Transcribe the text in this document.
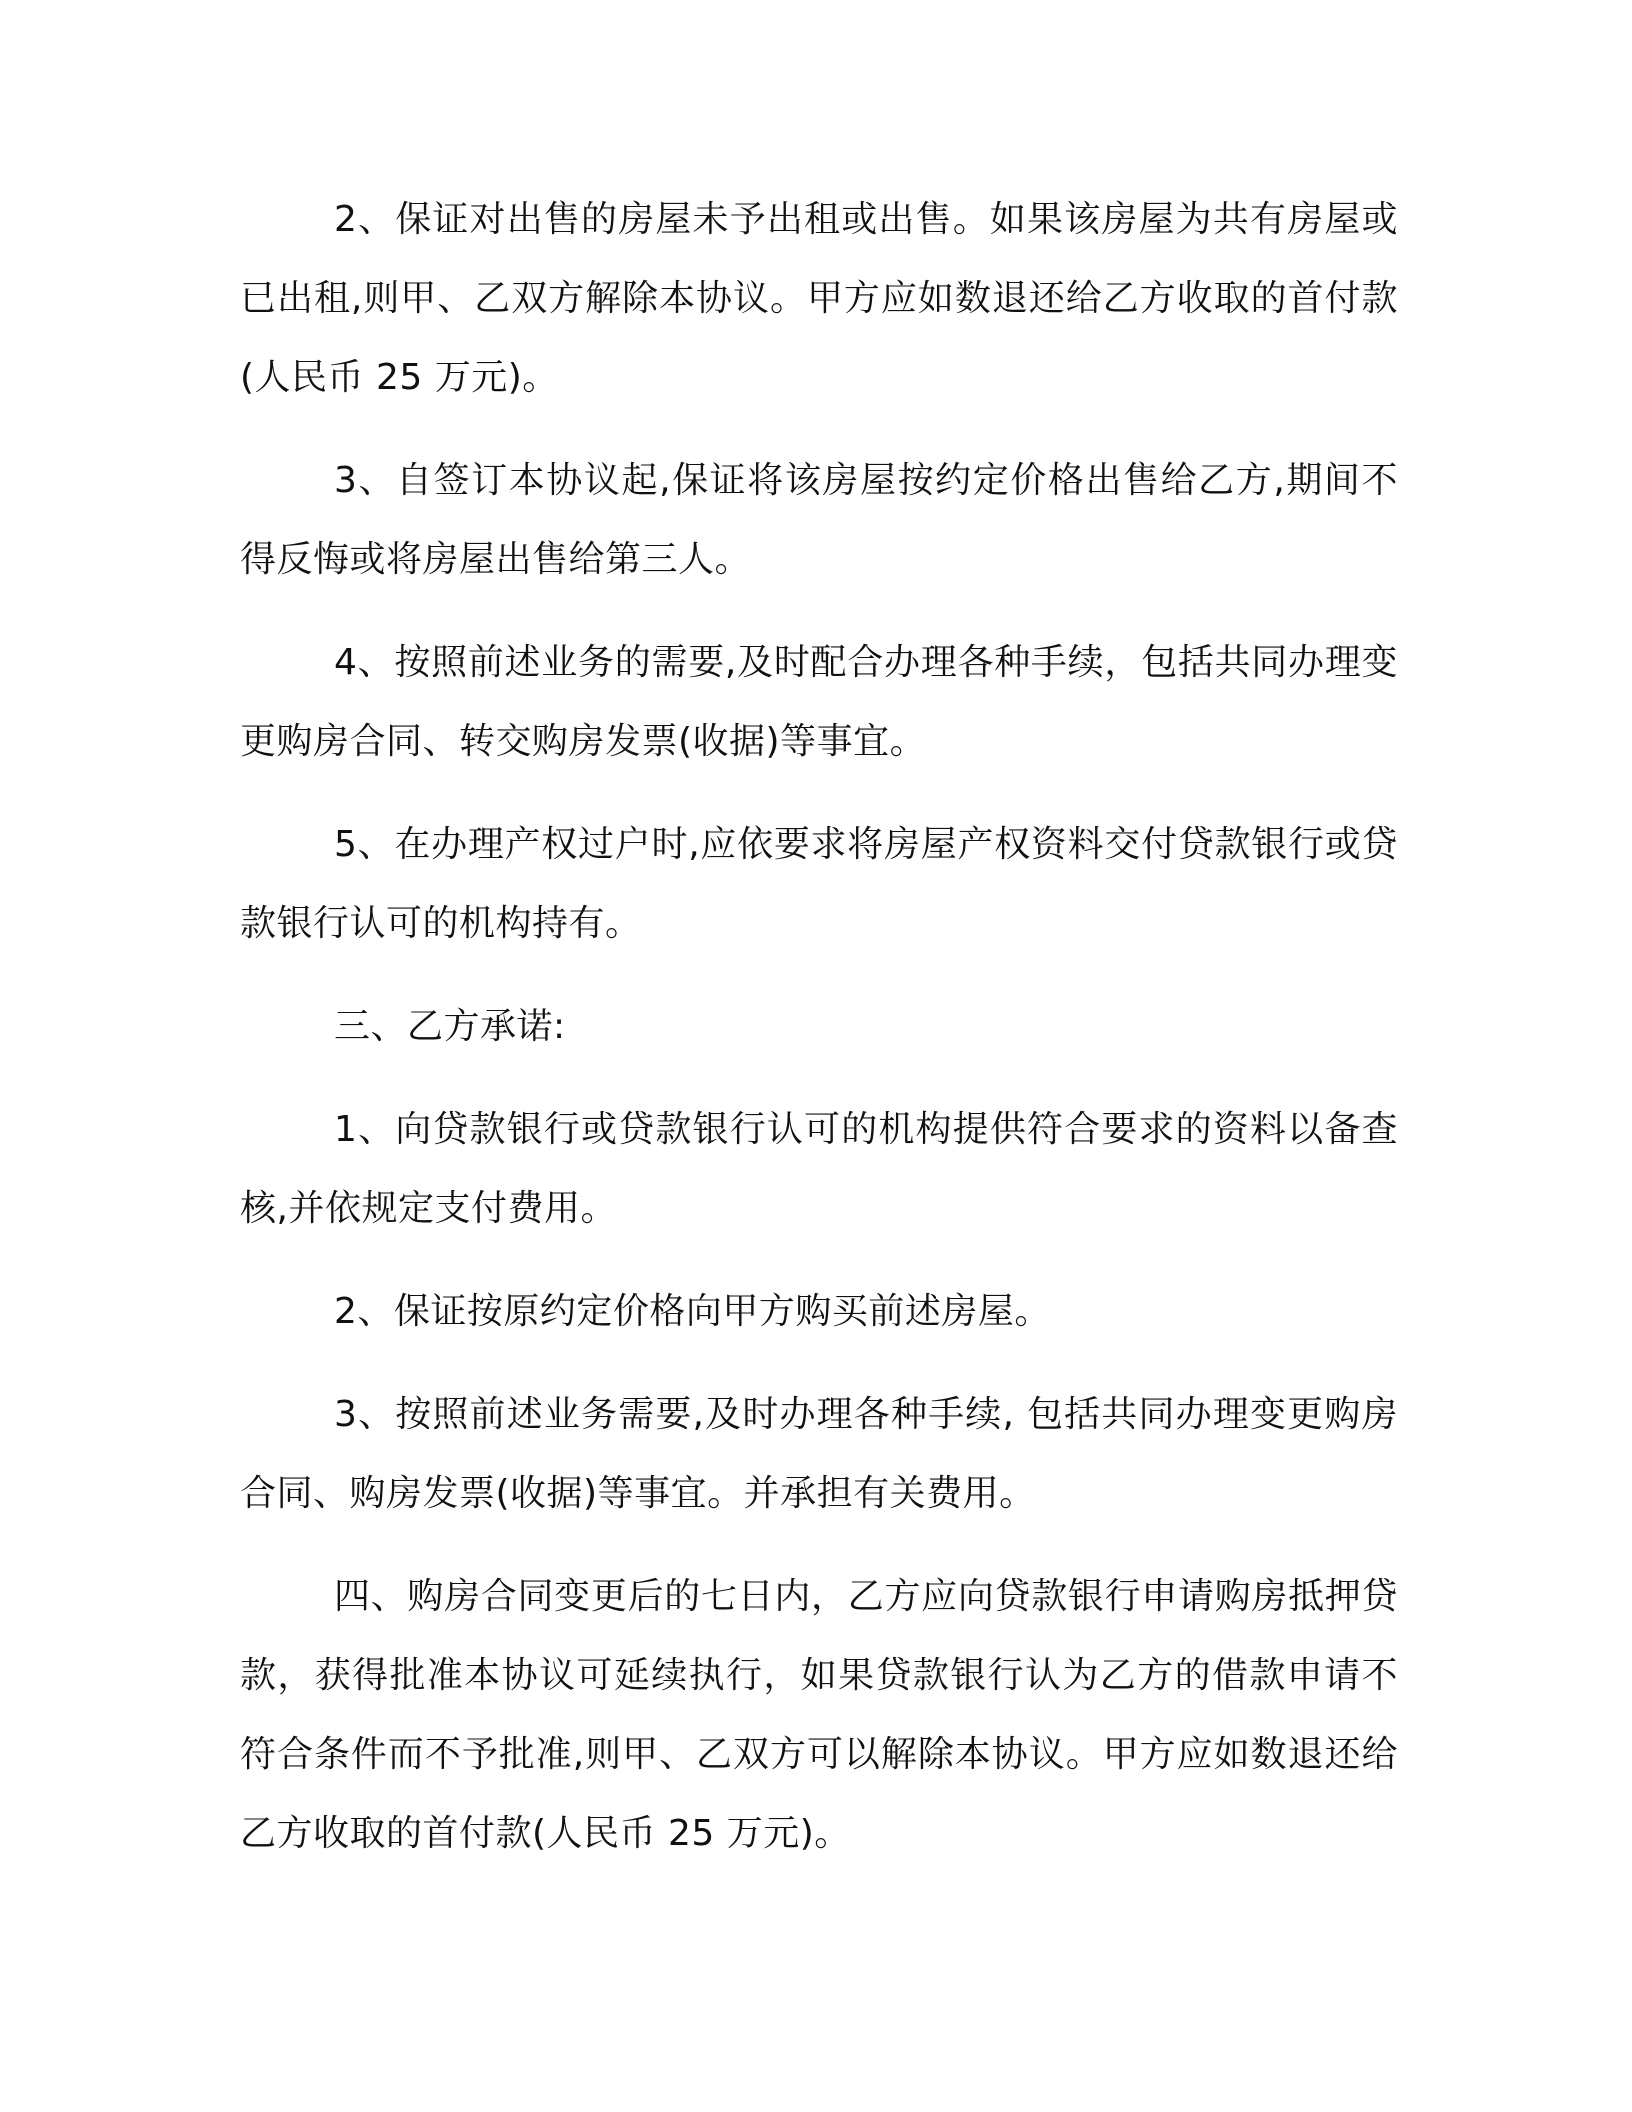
2、保证对出售的房屋未予出租或出售。如果该房屋为共有房屋或已出租,则甲、乙双方解除本协议。甲方应如数退还给乙方收取的首付款(人民币 25 万元)。

3、自签订本协议起,保证将该房屋按约定价格出售给乙方,期间不得反悔或将房屋出售给第三人。

4、按照前述业务的需要,及时配合办理各种手续，包括共同办理变更购房合同、转交购房发票(收据)等事宜。

5、在办理产权过户时,应依要求将房屋产权资料交付贷款银行或贷款银行认可的机构持有。

三、乙方承诺:

1、向贷款银行或贷款银行认可的机构提供符合要求的资料以备查核,并依规定支付费用。

2、保证按原约定价格向甲方购买前述房屋。

3、按照前述业务需要,及时办理各种手续, 包括共同办理变更购房合同、购房发票(收据)等事宜。并承担有关费用。

四、购房合同变更后的七日内，乙方应向贷款银行申请购房抵押贷款，获得批准本协议可延续执行，如果贷款银行认为乙方的借款申请不符合条件而不予批准,则甲、乙双方可以解除本协议。甲方应如数退还给乙方收取的首付款(人民币 25 万元)。
